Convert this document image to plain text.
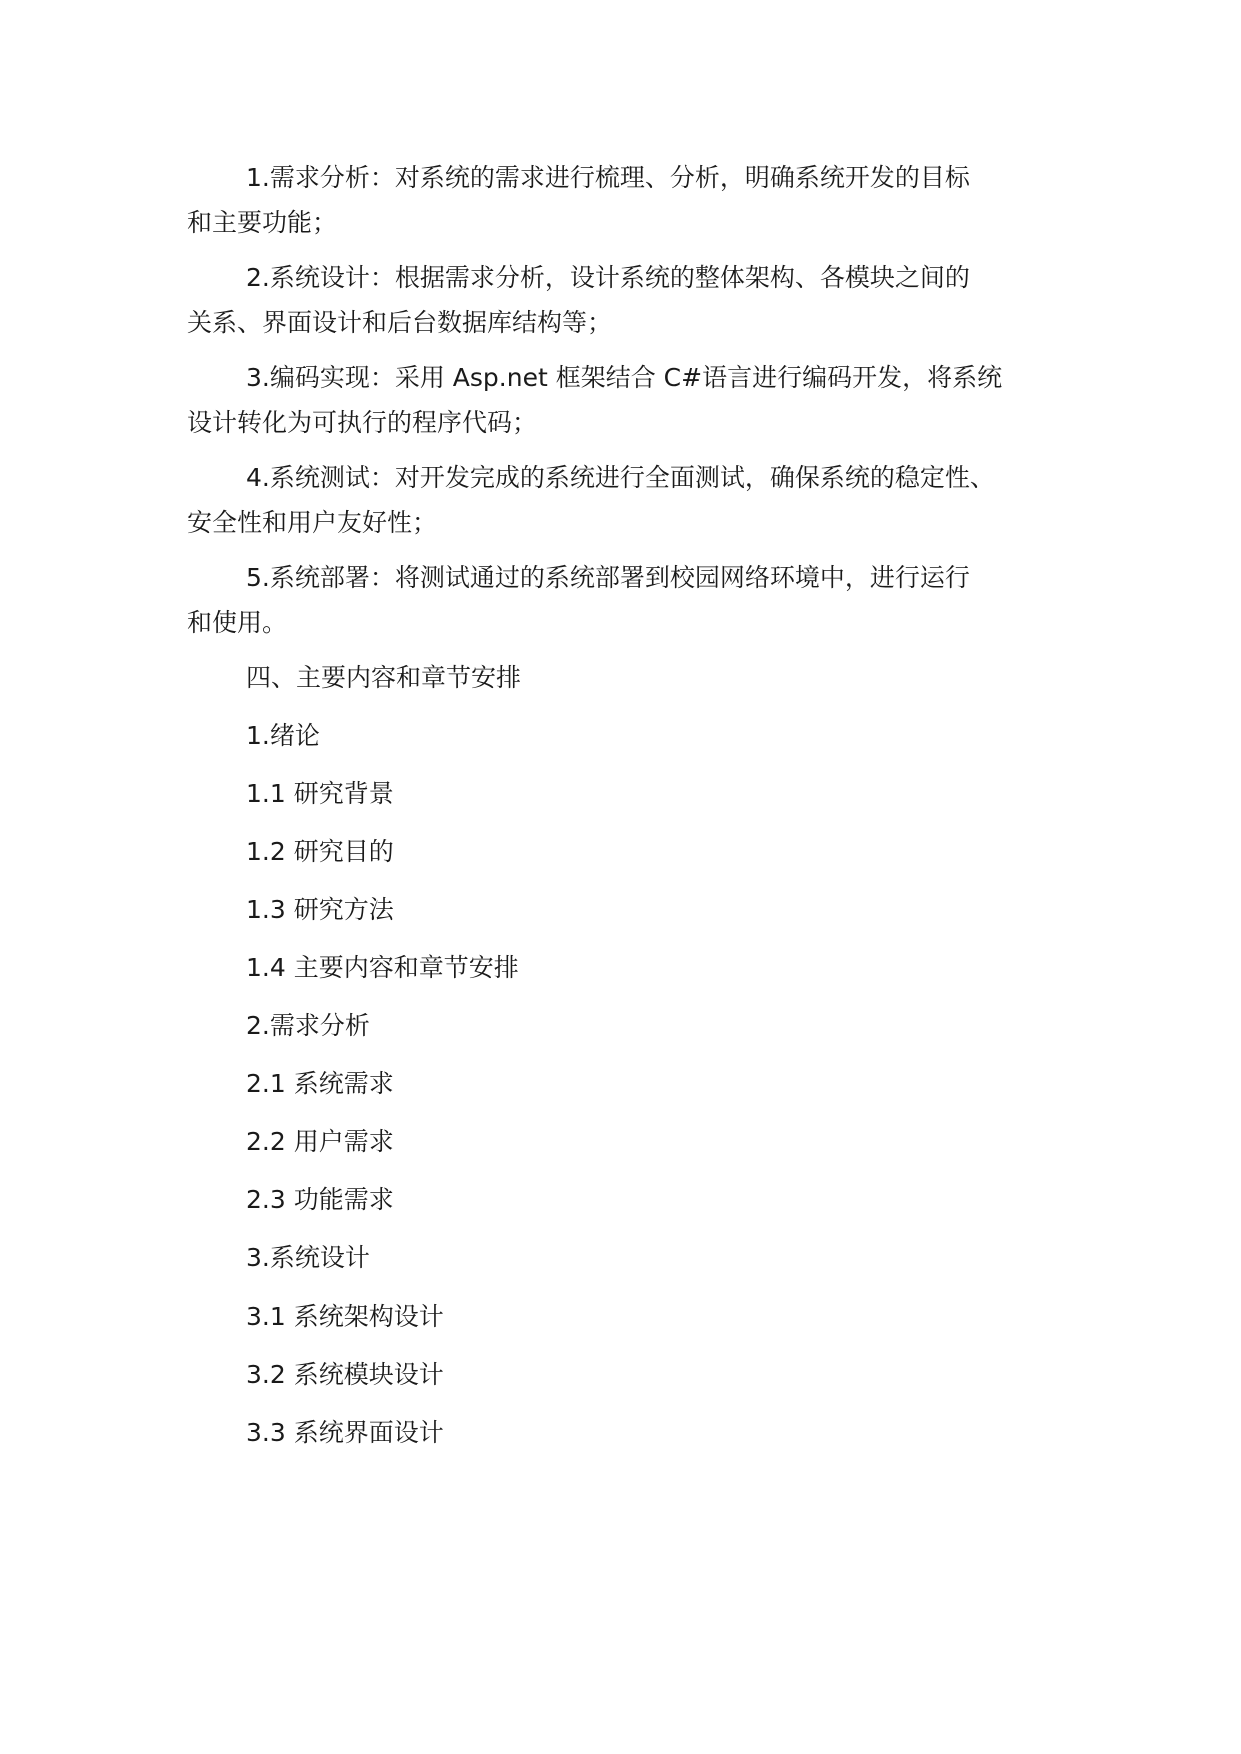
1.需求分析：对系统的需求进行梳理、分析，明确系统开发的目标
和主要功能；
2.系统设计：根据需求分析，设计系统的整体架构、各模块之间的
关系、界面设计和后台数据库结构等；
3.编码实现：采用 Asp.net 框架结合 C#语言进行编码开发，将系统
设计转化为可执行的程序代码；
4.系统测试：对开发完成的系统进行全面测试，确保系统的稳定性、
安全性和用户友好性；
5.系统部署：将测试通过的系统部署到校园网络环境中，进行运行
和使用。
四、主要内容和章节安排
1.绪论
1.1 研究背景
1.2 研究目的
1.3 研究方法
1.4 主要内容和章节安排
2.需求分析
2.1 系统需求
2.2 用户需求
2.3 功能需求
3.系统设计
3.1 系统架构设计
3.2 系统模块设计
3.3 系统界面设计
